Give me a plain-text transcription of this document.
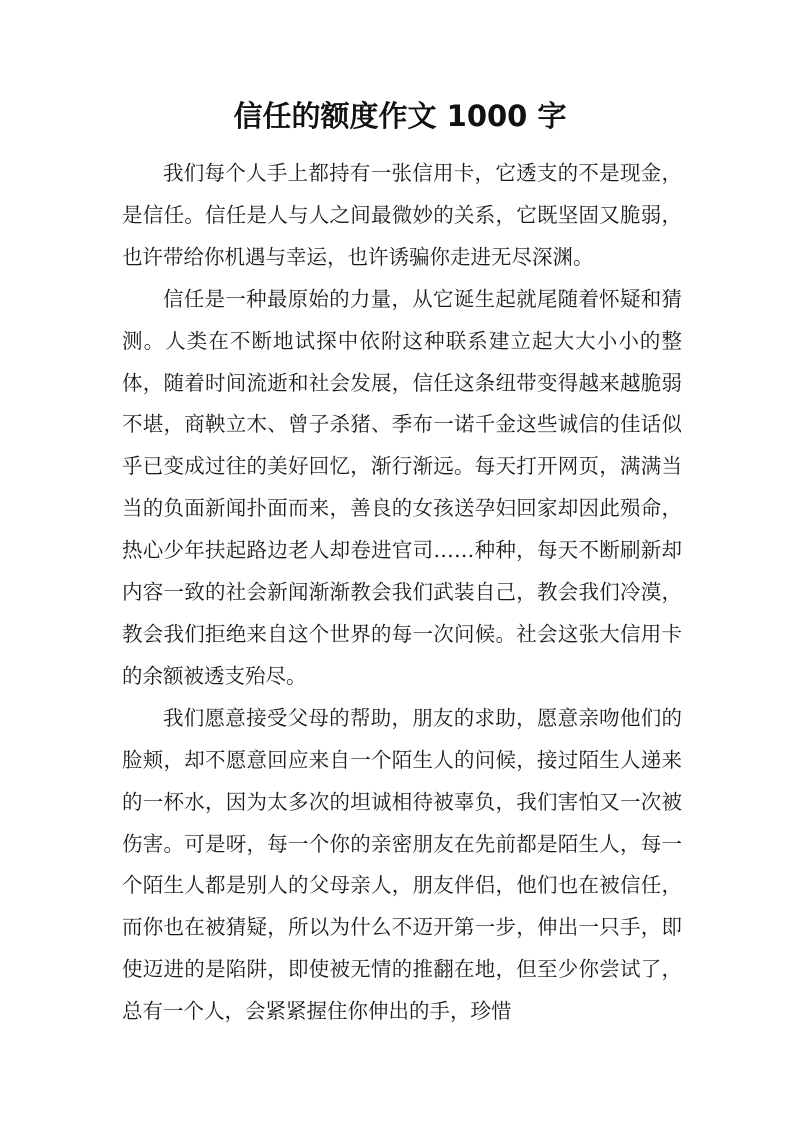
信任的额度作文 1000 字

我们每个人手上都持有一张信用卡，它透支的不是现金，是信任。信任是人与人之间最微妙的关系，它既坚固又脆弱，也许带给你机遇与幸运，也许诱骗你走进无尽深渊。

信任是一种最原始的力量，从它诞生起就尾随着怀疑和猜测。人类在不断地试探中依附这种联系建立起大大小小的整体，随着时间流逝和社会发展，信任这条纽带变得越来越脆弱不堪，商鞅立木、曾子杀猪、季布一诺千金这些诚信的佳话似乎已变成过往的美好回忆，渐行渐远。每天打开网页，满满当当的负面新闻扑面而来，善良的女孩送孕妇回家却因此殒命，热心少年扶起路边老人却卷进官司……种种，每天不断刷新却内容一致的社会新闻渐渐教会我们武装自己，教会我们冷漠，教会我们拒绝来自这个世界的每一次问候。社会这张大信用卡的余额被透支殆尽。

我们愿意接受父母的帮助，朋友的求助，愿意亲吻他们的脸颊，却不愿意回应来自一个陌生人的问候，接过陌生人递来的一杯水，因为太多次的坦诚相待被辜负，我们害怕又一次被伤害。可是呀，每一个你的亲密朋友在先前都是陌生人，每一个陌生人都是别人的父母亲人，朋友伴侣，他们也在被信任，而你也在被猜疑，所以为什么不迈开第一步，伸出一只手，即使迈进的是陷阱，即使被无情的推翻在地，但至少你尝试了，总有一个人，会紧紧握住你伸出的手，珍惜
